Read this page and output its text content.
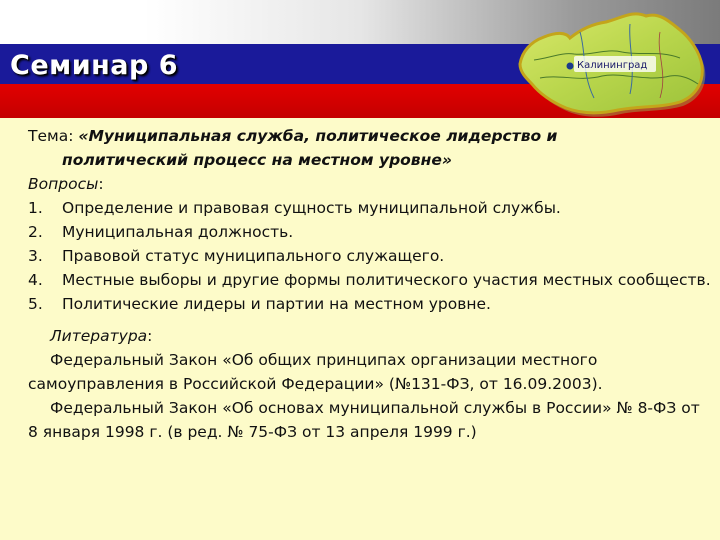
Семинар 6	Калининград
Тема: «Муниципальная служба, политическое лидерство и
политический процесс на местном уровне»
Вопросы:
1. Определение и правовая сущность муниципальной службы.
2. Муниципальная должность.
3. Правовой статус муниципального служащего.
4. Местные выборы и другие формы политического участия местных сообществ.
5. Политические лидеры и партии на местном уровне.

Литература:

Федеральный Закон «Об общих принципах организации местного самоуправления в Российской Федерации» (№131-ФЗ, от 16.09.2003).

Федеральный Закон «Об основах муниципальной службы в России» № 8-ФЗ от 8 января 1998 г. (в ред. № 75-ФЗ от 13 апреля 1999 г.)
